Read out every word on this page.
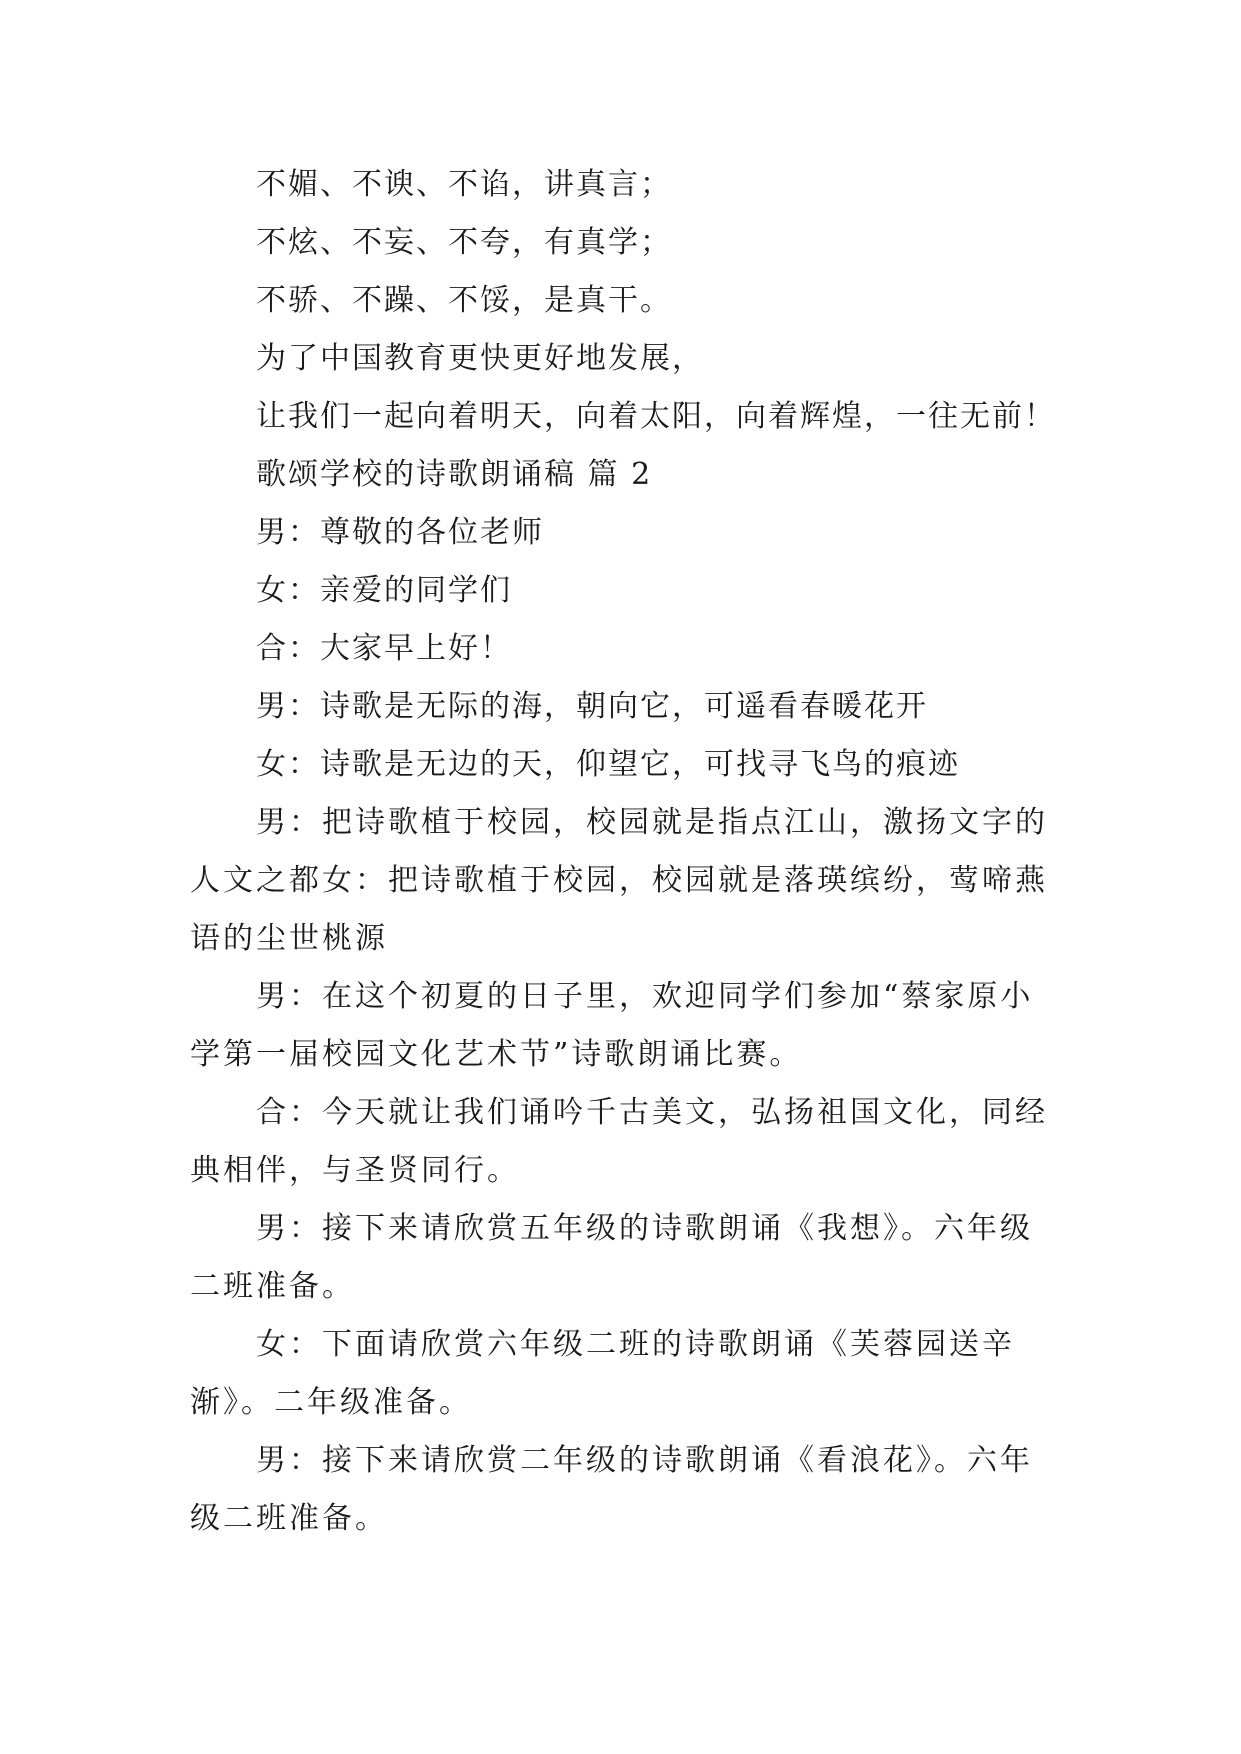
不媚、不谀、不谄，讲真言；
不炫、不妄、不夸，有真学；
不骄、不躁、不馁，是真干。
为了中国教育更快更好地发展，
让我们一起向着明天，向着太阳，向着辉煌，一往无前！
歌颂学校的诗歌朗诵稿 篇 2
男：尊敬的各位老师
女：亲爱的同学们
合：大家早上好！
男：诗歌是无际的海，朝向它，可遥看春暖花开
女：诗歌是无边的天，仰望它，可找寻飞鸟的痕迹

男：把诗歌植于校园，校园就是指点江山，激扬文字的
人文之都女：把诗歌植于校园，校园就是落瑛缤纷，莺啼燕
语的尘世桃源

男：在这个初夏的日子里，欢迎同学们参加“蔡家原小
学第一届校园文化艺术节”诗歌朗诵比赛。

合：今天就让我们诵吟千古美文，弘扬祖国文化，同经
典相伴，与圣贤同行。

男：接下来请欣赏五年级的诗歌朗诵《我想》。六年级
二班准备。

女：下面请欣赏六年级二班的诗歌朗诵《芙蓉园送辛
渐》。二年级准备。

男：接下来请欣赏二年级的诗歌朗诵《看浪花》。六年
级二班准备。
